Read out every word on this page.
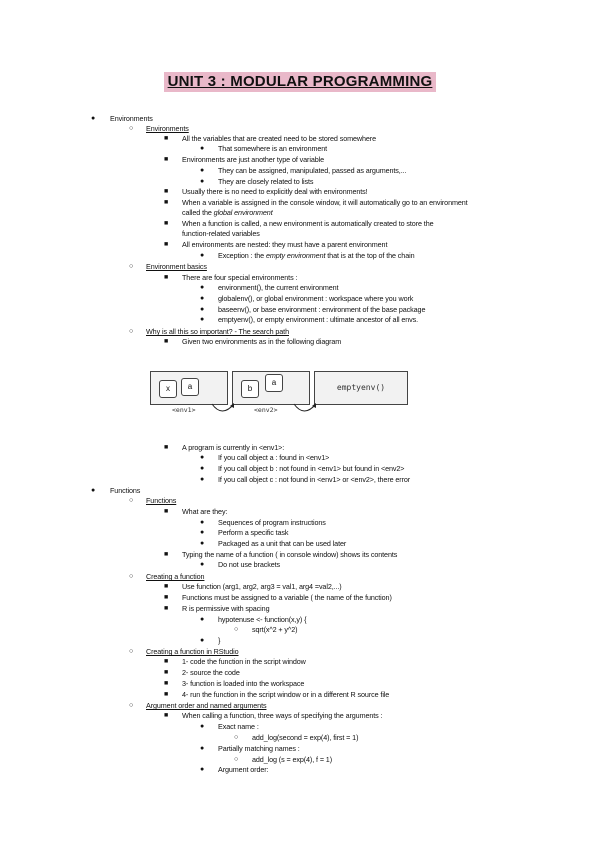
UNIT 3 : MODULAR PROGRAMMING
● Environments
○ Environments
■ All the variables that are created need to be stored somewhere
● That somewhere is an environment
■ Environments are just another type of variable
● They can be assigned, manipulated, passed as arguments,...
● They are closely related to lists
■ Usually there is no need to explicitly deal with environments!
■ When a variable is assigned in the console window, it will automatically go to an environment
called the global environment
■ When a function is called, a new environment is automatically created to store the
function-related variables
■ All environments are nested: they must have a parent environment
● Exception : the empty environment that is at the top of the chain
○ Environment basics
■ There are four special environments :
● environment(), the current environment
● globalenv(), or global environment : workspace where you work
● baseenv(), or base environment : environment of the base package
● emptyenv(), or empty environment : ultimate ancestor of all envs.
○ Why is all this so important? - The search path
■ Given two environments as in the following diagram
x	a	b
a
emptyenv()
<env1>	<env2>
■ A program is currently in <env1>:
● If you call object a : found in <env1>
● If you call object b : not found in <env1> but found in <env2>
● If you call object c : not found in <env1> or <env2>, there error
● Functions
○ Functions
■ What are they:
● Sequences of program instructions
● Perform a specific task
● Packaged as a unit that can be used later
■ Typing the name of a function ( in console window) shows its contents
● Do not use brackets
○ Creating a function
■ Use function (arg1, arg2, arg3 = val1, arg4 =val2,...)
■ Functions must be assigned to a variable ( the name of the function)
■ R is permissive with spacing
● hypotenuse <- function(x,y) {
○ sqrt(x^2 + y^2)
● }
○ Creating a function in RStudio
■ 1- code the function in the script window
■ 2- source the code
■ 3- function is loaded into the workspace
■ 4- run the function in the script window or in a different R source file
○ Argument order and named arguments
■ When calling a function, three ways of specifying the arguments :
● Exact name :
○ add_log(second = exp(4), first = 1)
● Partially matching names :
○ add_log (s = exp(4), f = 1)
● Argument order:
